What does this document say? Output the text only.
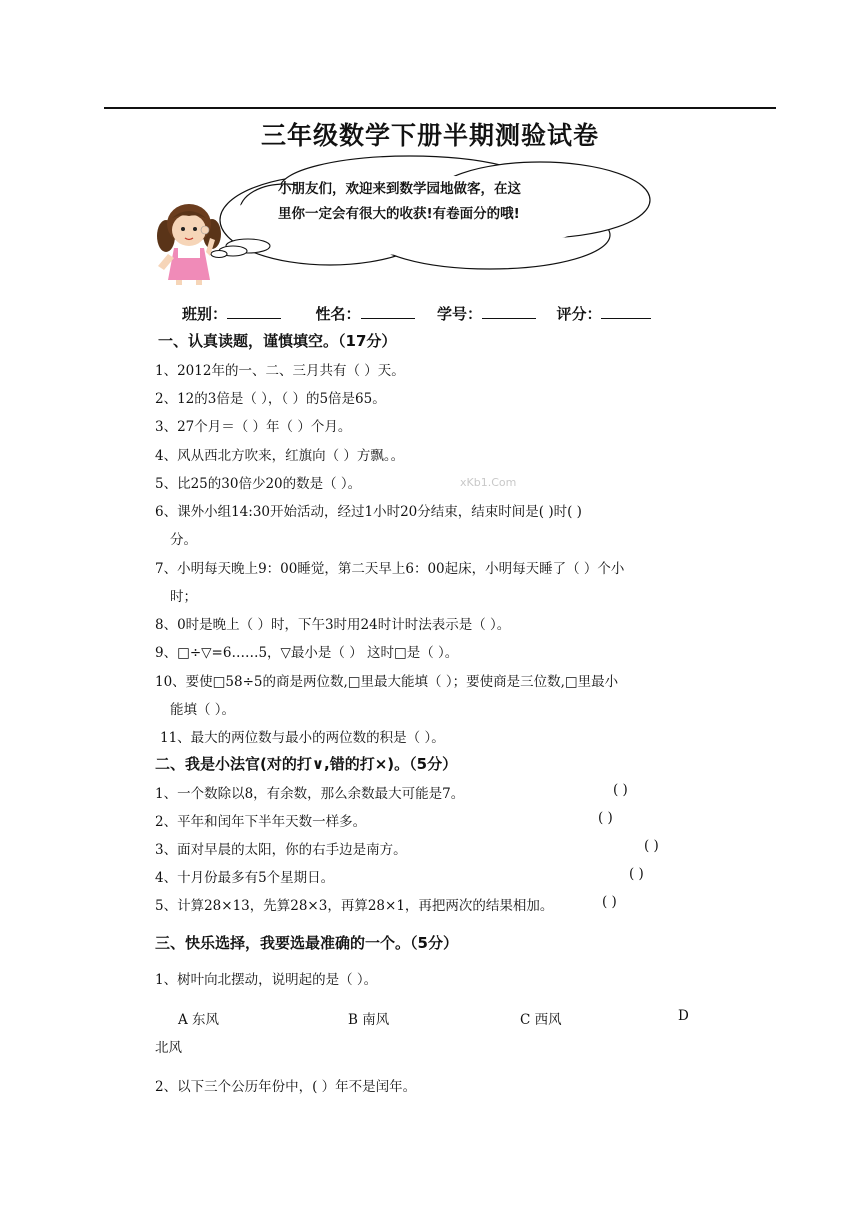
三年级数学下册半期测验试卷
小朋友们，欢迎来到数学园地做客，在这
里你一定会有很大的收获!有卷面分的哦!
班别：	性名：	学号：	评分：
一、认真读题，谨慎填空。（17分）
1、2012年的一、二、三月共有（ ）天。
2、12的3倍是（ ），（ ）的5倍是65。
3、27个月＝（ ）年（ ）个月。
4、风从西北方吹来，红旗向（ ）方飘。。
5、比25的30倍少20的数是（ ）。	xKb1.Com
6、课外小组14:30开始活动，经过1小时20分结束，结束时间是( )时( )
分。
7、小明每天晚上9：00睡觉，第二天早上6：00起床，小明每天睡了（ ）个小
时；
8、0时是晚上（ ）时，下午3时用24时计时法表示是（ ）。
9、□÷▽=6……5，▽最小是（ ） 这时□是（ ）。
10、要使□58÷5的商是两位数,□里最大能填（ ）；要使商是三位数,□里最小
能填（ ）。
11、最大的两位数与最小的两位数的积是（ ）。
二、我是小法官(对的打∨,错的打×)。（5分）
1、一个数除以8，有余数，那么余数最大可能是7。	( )
2、平年和闰年下半年天数一样多。	( )
3、面对早晨的太阳，你的右手边是南方。	( )
4、十月份最多有5个星期日。	( )
5、计算28×13，先算28×3，再算28×1，再把两次的结果相加。	( )
三、快乐选择，我要选最准确的一个。（5分）
1、树叶向北摆动，说明起的是（ ）。
A 东风	B 南风	C 西风	D
北风
2、以下三个公历年份中，( ）年不是闰年。
